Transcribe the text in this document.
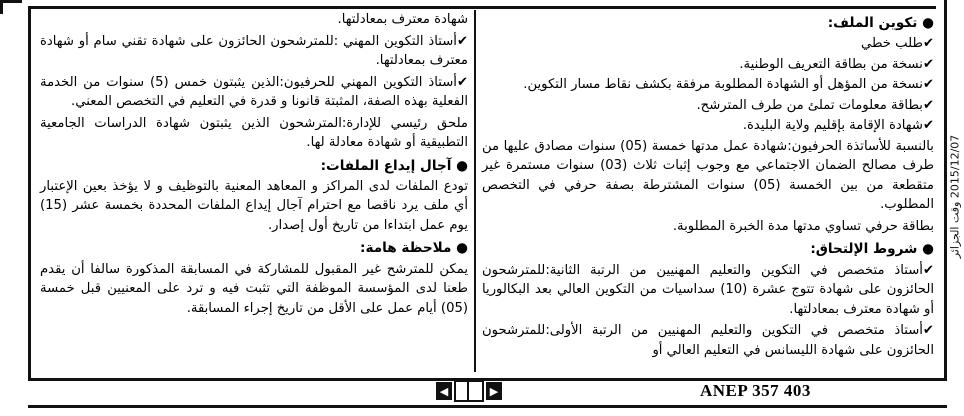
● تكوين الملف:

✔طلب خطي

✔نسخة من بطاقة التعريف الوطنية.

✔نسخة من المؤهل أو الشهادة المطلوبة مرفقة بكشف نقاط مسار التكوين.

✔بطاقة معلومات تملئ من طرف المترشح.

✔شهادة الإقامة بإقليم ولاية البليدة.

بالنسبة للأساتذة الحرفيون:شهادة عمل مدتها خمسة (05) سنوات مصادق عليها من طرف مصالح الضمان الاجتماعي مع وجوب إثبات ثلاث (03) سنوات مستمرة غير متقطعة من بين الخمسة (05) سنوات المشترطة بصفة حرفي في التخصص المطلوب.

بطاقة حرفي تساوي مدتها مدة الخبرة المطلوبة.

● شروط الإلتحاق:

✔أستاذ متخصص في التكوين والتعليم المهنيين من الرتبة الثانية:للمترشحون الحائزون على شهادة تتوج عشرة (10) سداسيات من التكوين العالي بعد البكالوريا أو شهادة معترف بمعادلتها.

✔أستاذ متخصص في التكوين والتعليم المهنيين من الرتبة الأولى:للمترشحون الحائزون على شهادة الليسانس في التعليم العالي أو

شهادة معترف بمعادلتها.

✔أستاذ التكوين المهني :للمترشحون الحائزون على شهادة تقني سام أو شهادة معترف بمعادلتها.

✔أستاذ التكوين المهني للحرفيون:الذين يثبتون خمس (5) سنوات من الخدمة الفعلية بهذه الصفة، المثبتة قانونا و قدرة في التعليم في التخصص المعني.

ملحق رئيسي للإدارة:المترشحون الذين يثبتون شهادة الدراسات الجامعية التطبيقية أو شهادة معادلة لها.

● آجال إيداع الملفات:

تودع الملفات لدى المراكز و المعاهد المعنية بالتوظيف و لا يؤخذ بعين الإعتبار أي ملف يرد ناقصا مع احترام آجال إيداع الملفات المحددة بخمسة عشر (15) يوم عمل ابتداءا من تاريخ أول إصدار.

● ملاحظة هامة:

يمكن للمترشح غير المقبول للمشاركة في المسابقة المذكورة سالفا أن يقدم طعنا لدى المؤسسة الموظفة التي تثبت فيه و ترد على المعنيين قبل خمسة (05) أيام عمل على الأقل من تاريخ إجراء المسابقة.

ANEP 357 403
▶
◀
2015/12/07 وقت الجزائر
